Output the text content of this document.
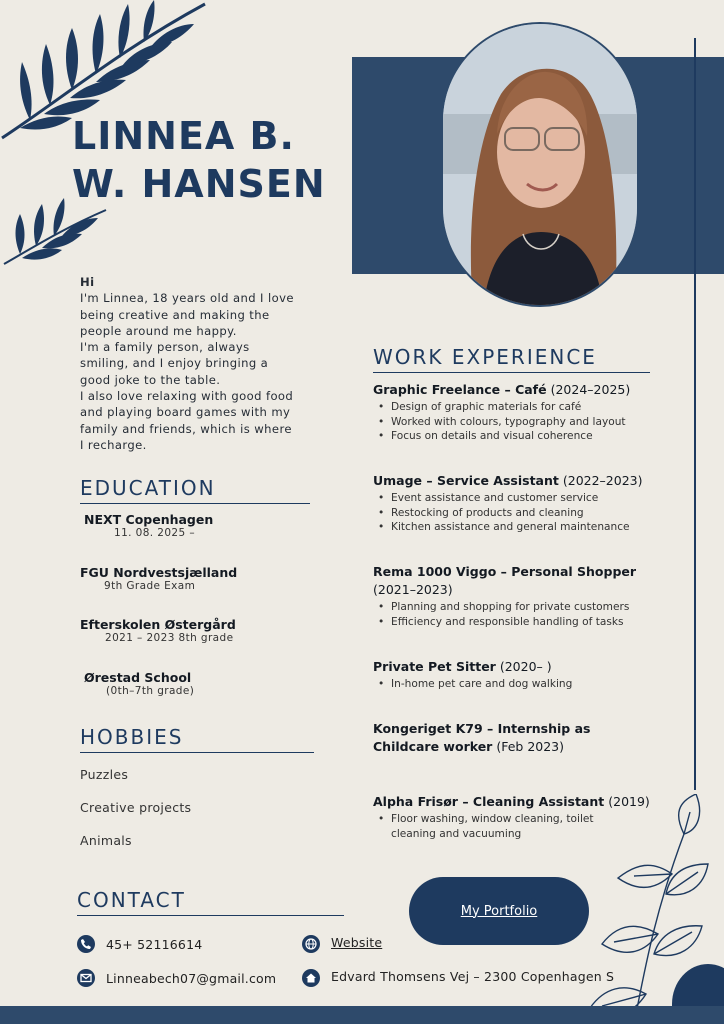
LINNEA B.
W. HANSEN
Hi
I'm Linnea, 18 years old and I love
being creative and making the
people around me happy.
I'm a family person, always
smiling, and I enjoy bringing a
good joke to the table.
I also love relaxing with good food
and playing board games with my
family and friends, which is where
I recharge.
EDUCATION
NEXT Copenhagen
11. 08. 2025 –
FGU Nordvestsjælland
9th Grade Exam
Efterskolen Østergård
2021 – 2023 8th grade
Ørestad School
(0th–7th grade)
HOBBIES
Puzzles
Creative projects
Animals
WORK EXPERIENCE
Graphic Freelance – Café (2024–2025)
• Design of graphic materials for café
• Worked with colours, typography and layout
• Focus on details and visual coherence
Umage – Service Assistant (2022–2023)
• Event assistance and customer service
• Restocking of products and cleaning
• Kitchen assistance and general maintenance
Rema 1000 Viggo – Personal Shopper
(2021–2023)
• Planning and shopping for private customers
• Efficiency and responsible handling of tasks
Private Pet Sitter (2020– )
• In-home pet care and dog walking
Kongeriget K79 – Internship as Childcare worker (Feb 2023)
Alpha Frisør – Cleaning Assistant (2019)
• Floor washing, window cleaning, toilet cleaning and vacuuming
CONTACT
45+ 52116614
Linneabech07@gmail.com
Website
Edvard Thomsens Vej – 2300 Copenhagen S
My Portfolio
